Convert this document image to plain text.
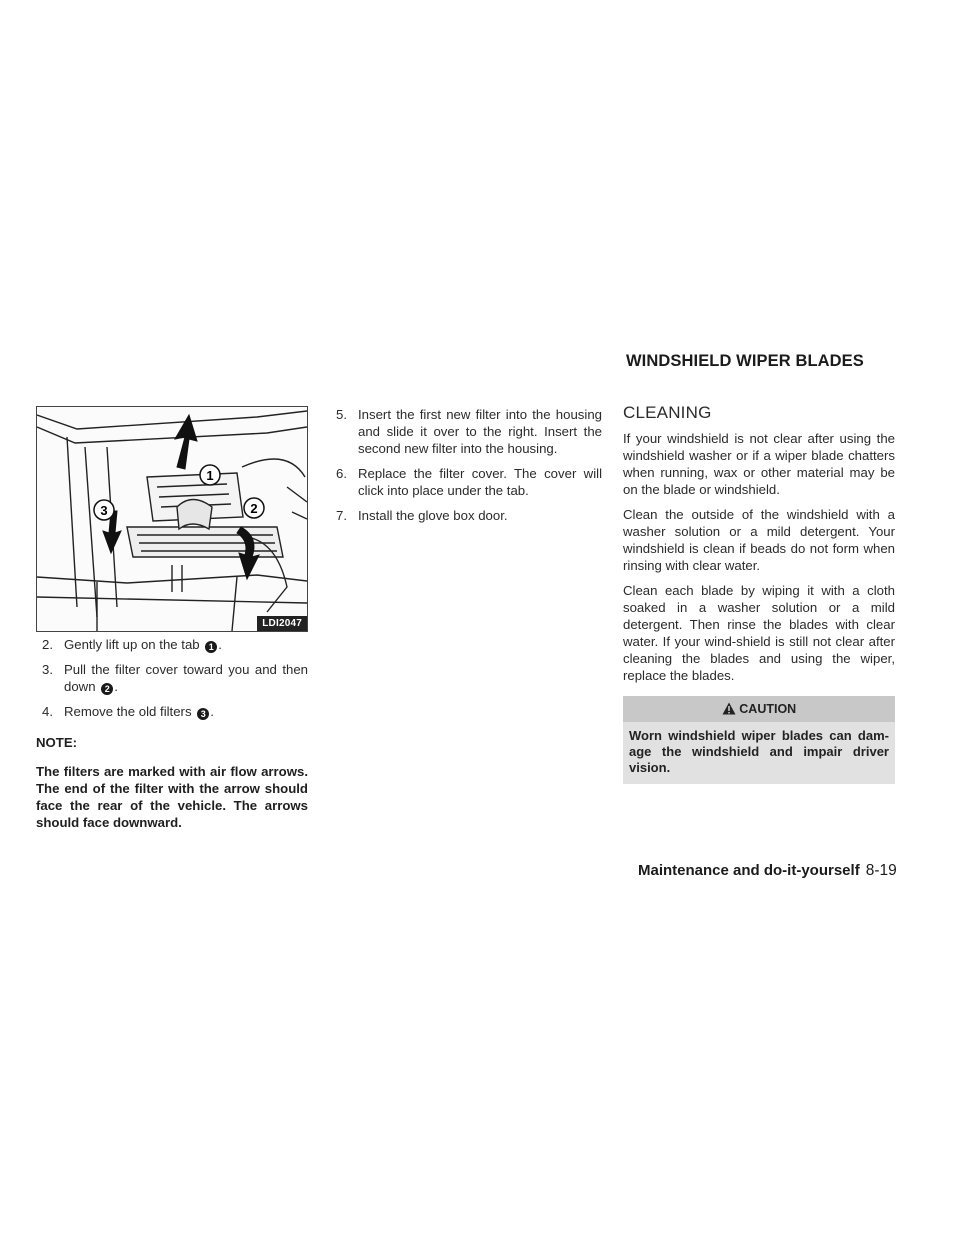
WINDSHIELD WIPER BLADES
1
2
3
LDI2047
2. Gently lift up on the tab 1 .
3. Pull the filter cover toward you and then down 2 .
4. Remove the old filters 3 .

NOTE:

The filters are marked with air flow arrows. The end of the filter with the arrow should face the rear of the vehicle. The arrows should face downward.

5. Insert the first new filter into the housing and slide it over to the right. Insert the second new filter into the housing.
6. Replace the filter cover. The cover will click into place under the tab.
7. Install the glove box door.
CLEANING

If your windshield is not clear after using the windshield washer or if a wiper blade chatters when running, wax or other material may be on the blade or windshield.

Clean the outside of the windshield with a washer solution or a mild detergent. Your windshield is clean if beads do not form when rinsing with clear water.

Clean each blade by wiping it with a cloth soaked in a washer solution or a mild detergent. Then rinse the blades with clear water. If your wind-shield is still not clear after cleaning the blades and using the wiper, replace the blades.

CAUTION
Worn windshield wiper blades can dam-age the windshield and impair driver vision.
Maintenance and do-it-yourself 8-19
